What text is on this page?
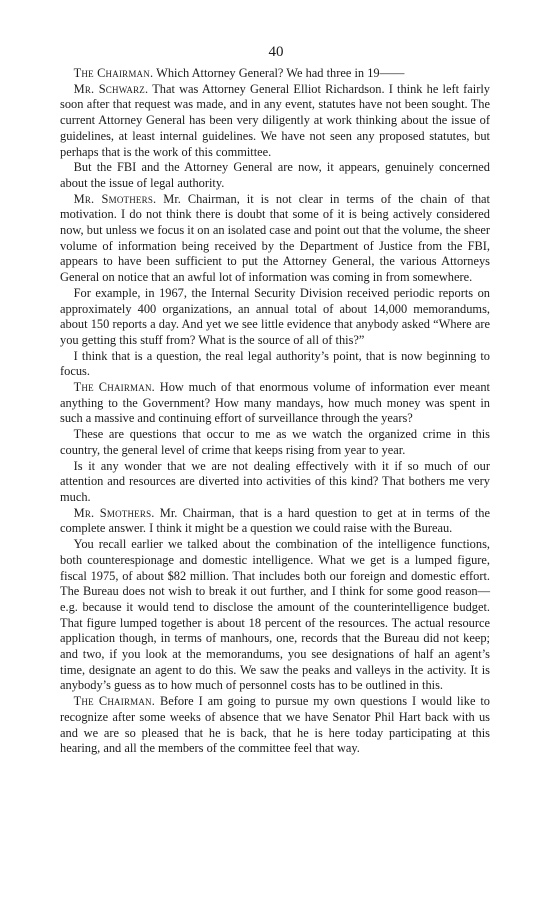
40

The Chairman. Which Attorney General? We had three in 19——

Mr. Schwarz. That was Attorney General Elliot Richardson. I think he left fairly soon after that request was made, and in any event, statutes have not been sought. The current Attorney General has been very diligently at work thinking about the issue of guidelines, at least internal guidelines. We have not seen any proposed statutes, but perhaps that is the work of this committee.

But the FBI and the Attorney General are now, it appears, genuinely concerned about the issue of legal authority.

Mr. Smothers. Mr. Chairman, it is not clear in terms of the chain of that motivation. I do not think there is doubt that some of it is being actively considered now, but unless we focus it on an isolated case and point out that the volume, the sheer volume of information being received by the Department of Justice from the FBI, appears to have been sufficient to put the Attorney General, the various Attorneys General on notice that an awful lot of information was coming in from somewhere.

For example, in 1967, the Internal Security Division received periodic reports on approximately 400 organizations, an annual total of about 14,000 memorandums, about 150 reports a day. And yet we see little evidence that anybody asked “Where are you getting this stuff from? What is the source of all of this?”

I think that is a question, the real legal authority’s point, that is now beginning to focus.

The Chairman. How much of that enormous volume of information ever meant anything to the Government? How many mandays, how much money was spent in such a massive and continuing effort of surveillance through the years?

These are questions that occur to me as we watch the organized crime in this country, the general level of crime that keeps rising from year to year.

Is it any wonder that we are not dealing effectively with it if so much of our attention and resources are diverted into activities of this kind? That bothers me very much.

Mr. Smothers. Mr. Chairman, that is a hard question to get at in terms of the complete answer. I think it might be a question we could raise with the Bureau.

You recall earlier we talked about the combination of the intelligence functions, both counterespionage and domestic intelligence. What we get is a lumped figure, fiscal 1975, of about $82 million. That includes both our foreign and domestic effort. The Bureau does not wish to break it out further, and I think for some good reason—e.g. because it would tend to disclose the amount of the counterintelligence budget. That figure lumped together is about 18 percent of the resources. The actual resource application though, in terms of manhours, one, records that the Bureau did not keep; and two, if you look at the memorandums, you see designations of half an agent’s time, designate an agent to do this. We saw the peaks and valleys in the activity. It is anybody’s guess as to how much of personnel costs has to be outlined in this.

The Chairman. Before I am going to pursue my own questions I would like to recognize after some weeks of absence that we have Senator Phil Hart back with us and we are so pleased that he is back, that he is here today participating at this hearing, and all the members of the committee feel that way.
